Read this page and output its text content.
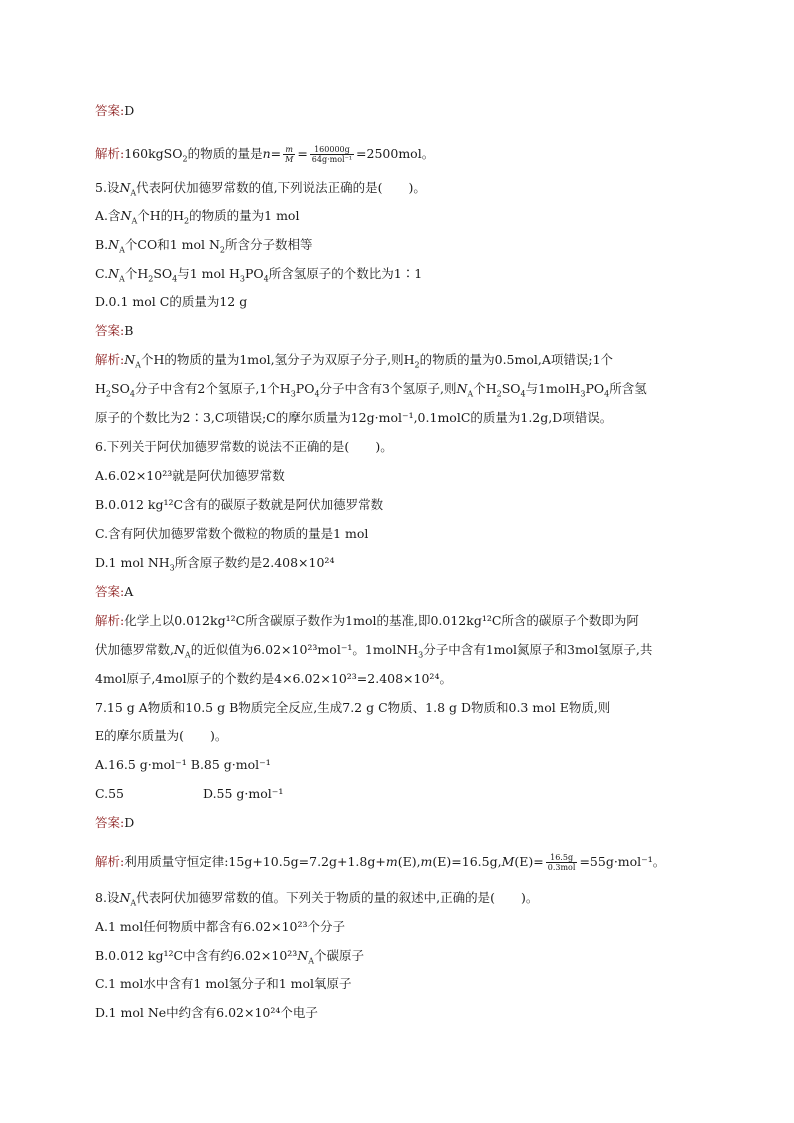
答案:D
解析:160kgSO$_2$的物质的量是$n= \frac{m}{M} = \frac{160000g}{\text{64g·mol⁻¹}} =2500mol$。
5.设$N_A$代表阿伏加德罗常数的值,下列说法正确的是( )。
A.含$N_A$个H的$H_2$的物质的量为1 mol
$B.N_A$个CO和1 mol $N_2$所含分子数相等
$C.N_A$个$H_2SO_4$与1 mol $H_3PO_4$所含氢原子的个数比为1∶1
D.0.1 mol C的质量为12 g
答案:B
解析$:N_A$个H的物质的量为1mol,氢分子为双原子分子,则$H_2$的物质的量为0.5mol,A项错误;1个
$H_2SO_4$分子中含有2个氢原子,1个$H_3PO_4$分子中含有3个氢原子,则$N_A$个$H_2SO_4$与$1molH_3PO_4$所含氢
原子的个数比为2∶3,C项错误;C的摩尔质量为12g·mol⁻¹,0.1molC的质量为1.2g,D项错误。
6.下列关于阿伏加德罗常数的说法不正确的是( )。
A.6.02×10²³就是阿伏加德罗常数
B.0.012 kg¹²C含有的碳原子数就是阿伏加德罗常数
C.含有阿伏加德罗常数个微粒的物质的量是1 mol
D.1 mol $NH_3$所含原子数约是2.408×10²⁴
答案:A
解析:化学上以0.012kg¹²C所含碳原子数作为1mol的基准,即0.012kg¹²C所含的碳原子个数即为阿
伏加德罗常数$,N_A$的近似值为6.02×10²³mol⁻¹。1molNH$_3$分子中含有1mol氮原子和3mol氢原子,共
4mol原子,4mol原子的个数约是4×6.02×10²³=2.408×10²⁴。
7.15 g A物质和10.5 g B物质完全反应,生成7.2 g C物质、1.8 g D物质和0.3 mol E物质,则
E的摩尔质量为( )。
A.16.5 g·mol⁻¹ B.85 g·mol⁻¹
C.55	D.55 g·mol⁻¹
答案:D
解析:利用质量守恒定律:15g+10.5g=7.2g+1.8g+m(E),m(E)=16.5g,M(E)= $\frac{16.5g}{\text{0.3mol}} =55g\cdot mol^{-1}$。
8.设$N_A$代表阿伏加德罗常数的值。下列关于物质的量的叙述中,正确的是( )。
A.1 mol任何物质中都含有6.02×10²³个分子
B.0.012 kg¹²C中含有约$6.02\times 10^{23}N_A$个碳原子
C.1 mol水中含有1 mol氢分子和1 mol氧原子
D.1 mol Ne中约含有6.02×10²⁴个电子
